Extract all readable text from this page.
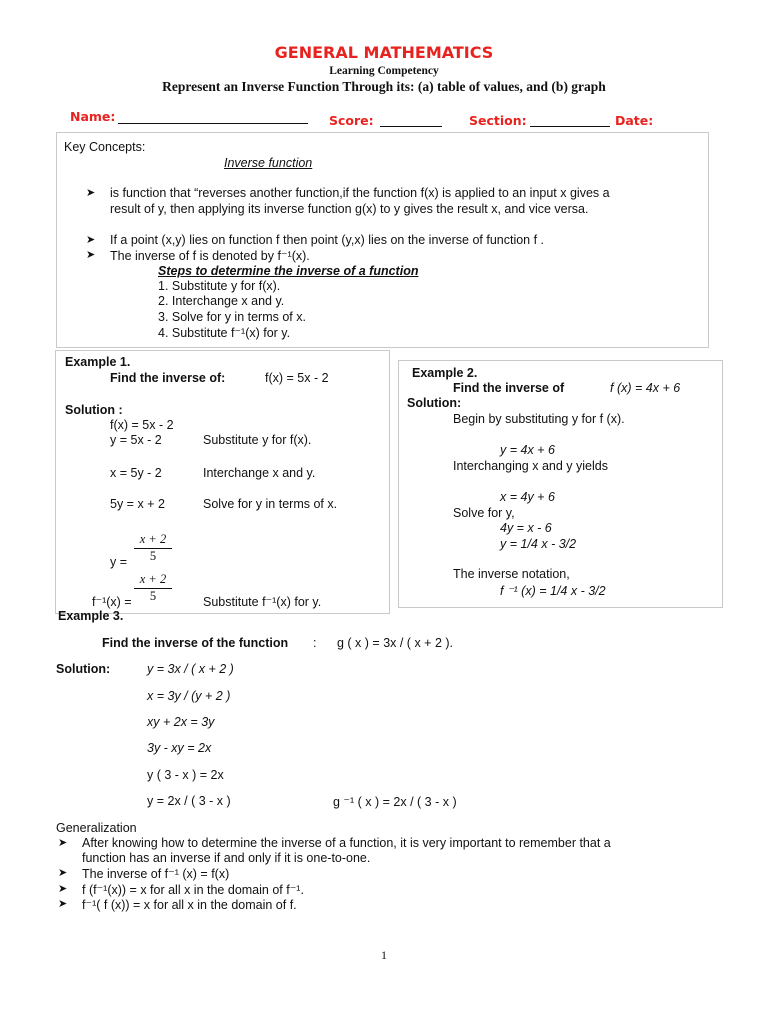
GENERAL MATHEMATICS
Learning Competency
Represent an Inverse Function Through its: (a) table of values, and (b) graph
Name:	Score:	Section:	Date:
Key Concepts:
Inverse function
➤ is function that “reverses another function,if the function f(x) is applied to an input x gives a
result of y, then applying its inverse function g(x) to y gives the result x, and vice versa.
➤ If a point (x,y) lies on function f then point (y,x) lies on the inverse of function f .
➤ The inverse of f is denoted by f⁻¹(x).
Steps to determine the inverse of a function
1. Substitute y for f(x).
2. Interchange x and y.
3. Solve for y in terms of x.
4. Substitute f⁻¹(x) for y.
Example 1.
Find the inverse of:	f(x) = 5x - 2
Solution :
f(x) = 5x - 2
y = 5x - 2	Substitute y for f(x).
x = 5y - 2	Interchange x and y.
5y = x + 2	Solve for y in terms of x.
x + 2
5
y =
x + 2
5
f⁻¹(x) =	Substitute f⁻¹(x) for y.
Example 2.
Find the inverse of	f (x) = 4x + 6
Solution:
Begin by substituting y for f (x).
y = 4x + 6
Interchanging x and y yields
x = 4y + 6
Solve for y,
4y = x - 6
y = 1/4 x - 3/2
The inverse notation,
f ⁻¹ (x) = 1/4 x - 3/2
Example 3.
Find the inverse of the function : g ( x ) = 3x / ( x + 2 ).
Solution:	y = 3x / ( x + 2 )
x = 3y / (y + 2 )
xy + 2x = 3y
3y - xy = 2x
y ( 3 - x ) = 2x
y = 2x / ( 3 - x )	g ⁻¹ ( x ) = 2x / ( 3 - x )
Generalization
➤ After knowing how to determine the inverse of a function, it is very important to remember that a
function has an inverse if and only if it is one-to-one.
➤ The inverse of f⁻¹ (x) = f(x)
➤ f (f⁻¹(x)) = x for all x in the domain of f⁻¹.
➤ f⁻¹( f (x)) = x for all x in the domain of f.
1
